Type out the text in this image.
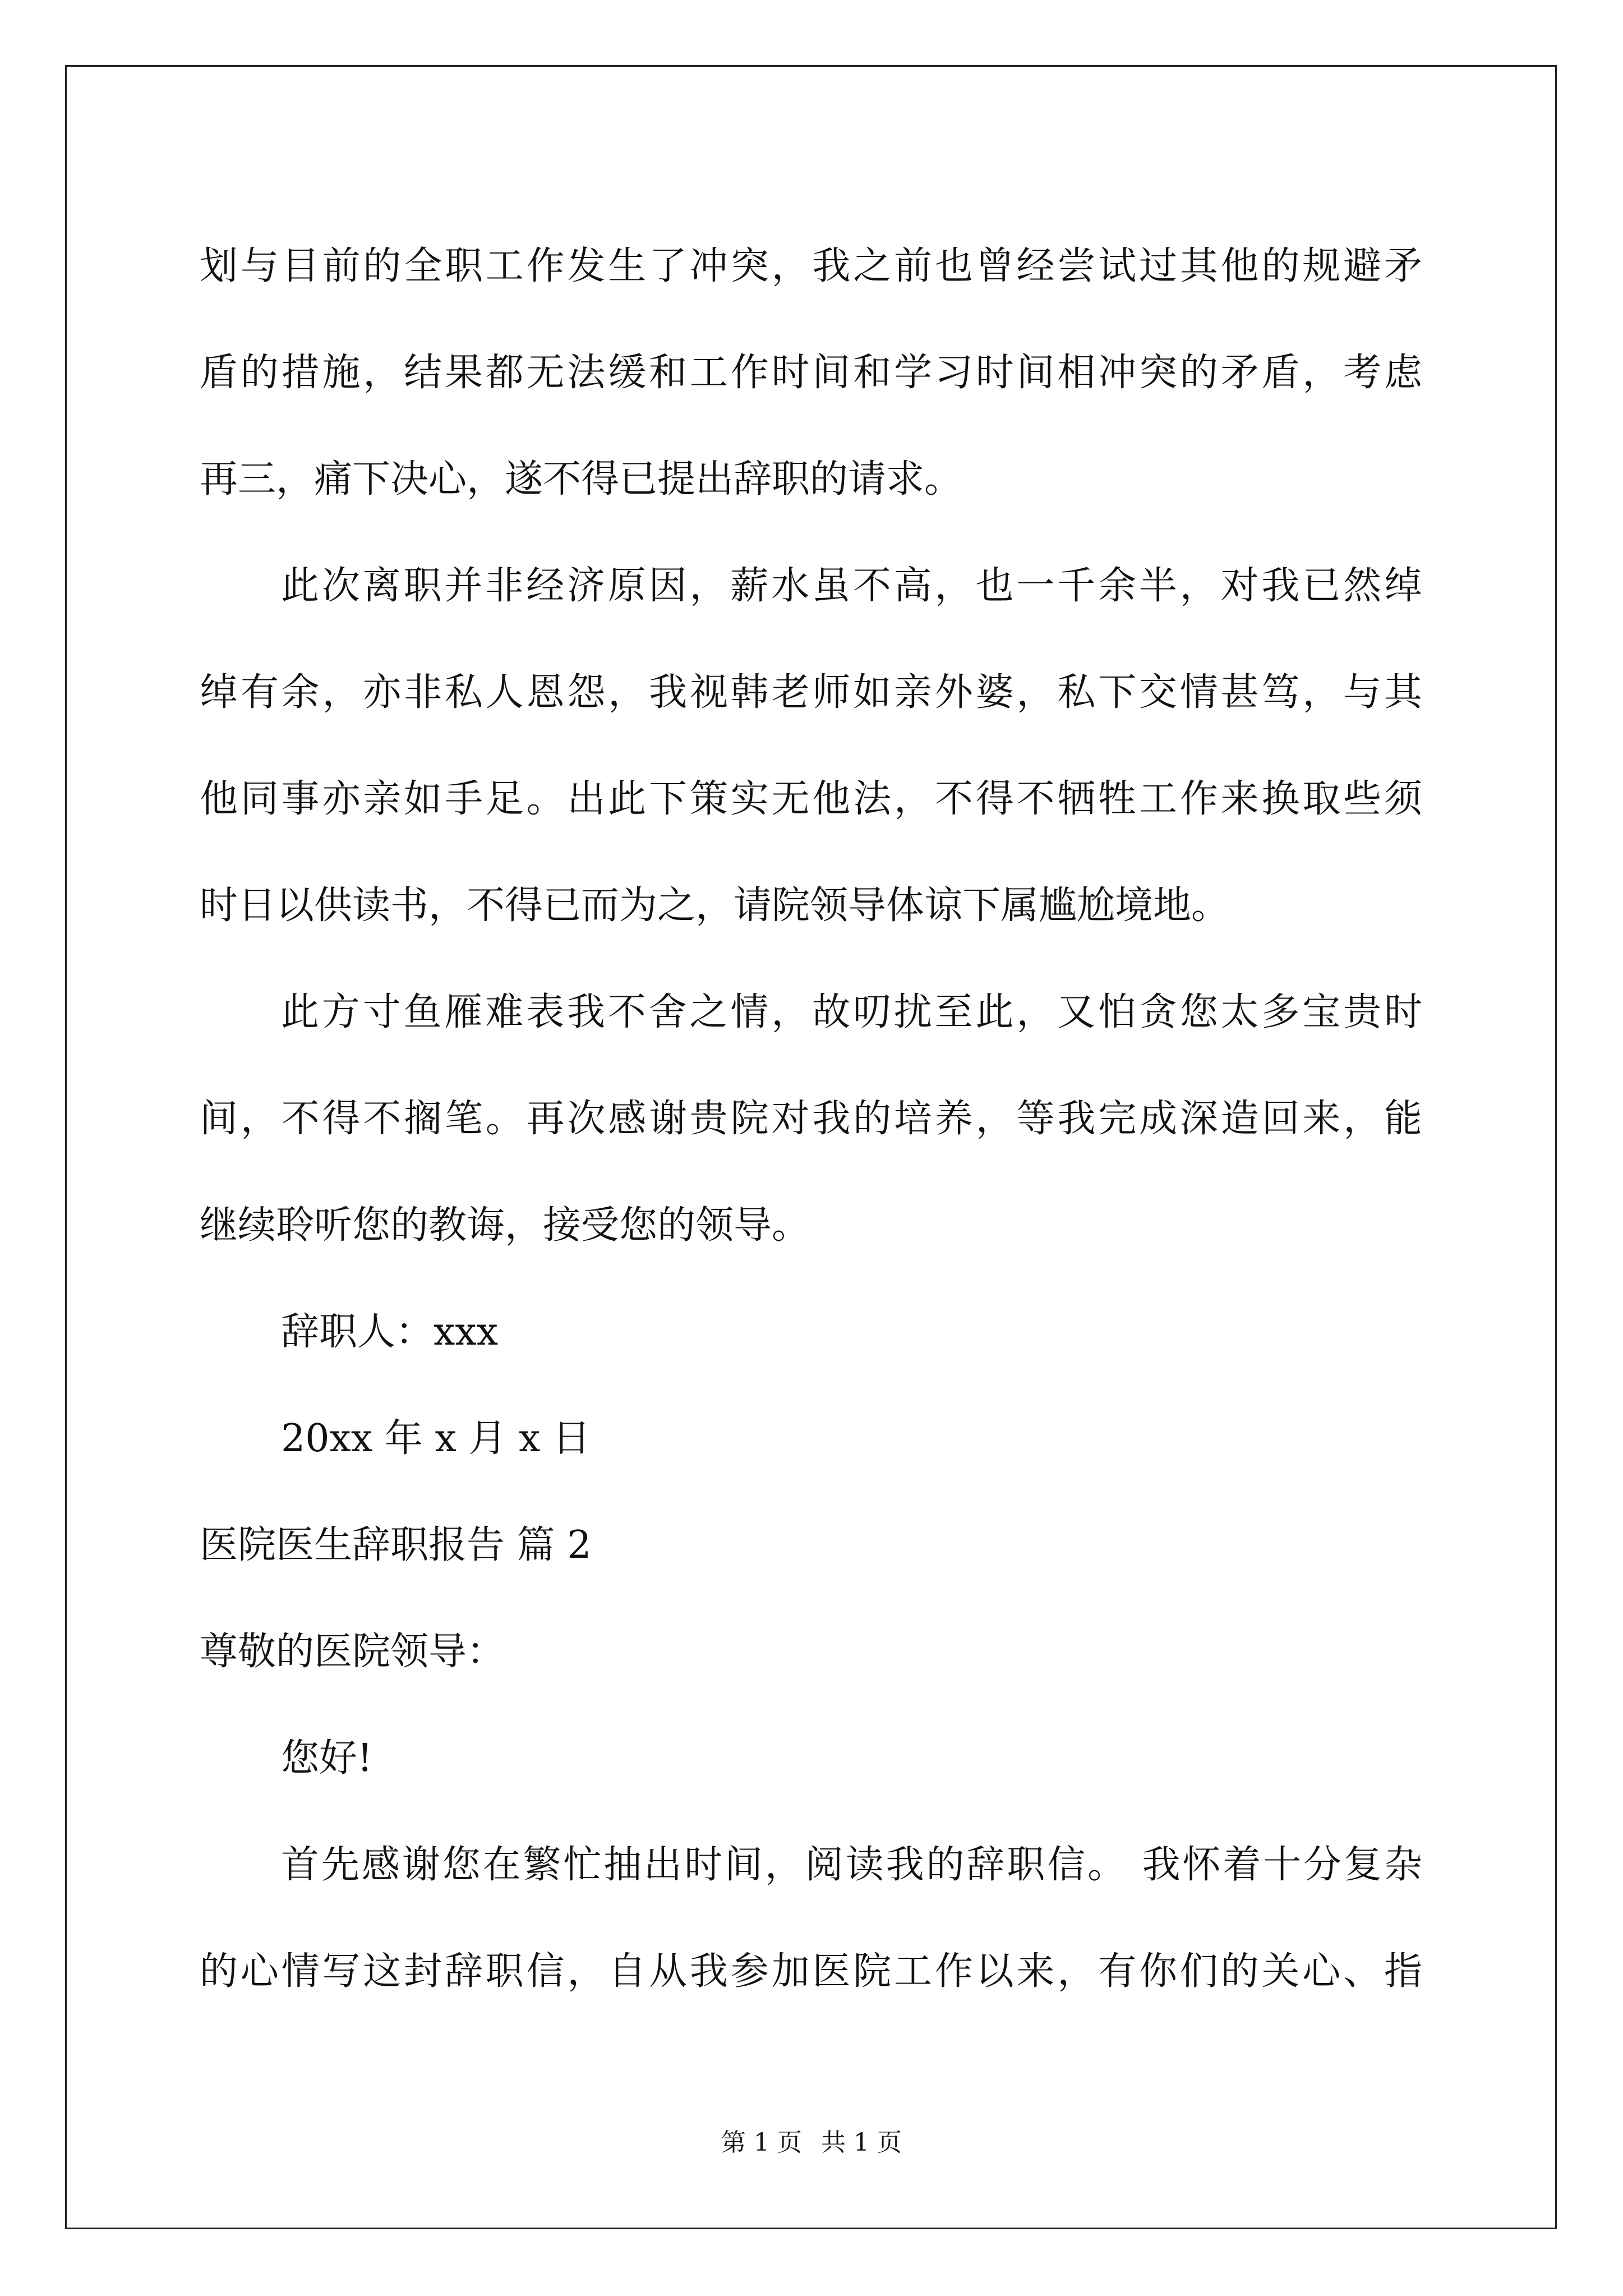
划与目前的全职工作发生了冲突，我之前也曾经尝试过其他的规避矛
盾的措施，结果都无法缓和工作时间和学习时间相冲突的矛盾，考虑
再三，痛下决心，遂不得已提出辞职的请求。
此次离职并非经济原因，薪水虽不高，也一千余半，对我已然绰
绰有余，亦非私人恩怨，我视韩老师如亲外婆，私下交情甚笃，与其
他同事亦亲如手足。出此下策实无他法，不得不牺牲工作来换取些须
时日以供读书，不得已而为之，请院领导体谅下属尴尬境地。
此方寸鱼雁难表我不舍之情，故叨扰至此，又怕贪您太多宝贵时
间，不得不搁笔。再次感谢贵院对我的培养，等我完成深造回来，能
继续聆听您的教诲，接受您的领导。
辞职人：xxx
20xx 年 x 月 x 日
医院医生辞职报告 篇 2
尊敬的医院领导：
您好!
首先感谢您在繁忙抽出时间，阅读我的辞职信。 我怀着十分复杂
的心情写这封辞职信，自从我参加医院工作以来，有你们的关心、指
第 1 页 共 1 页
